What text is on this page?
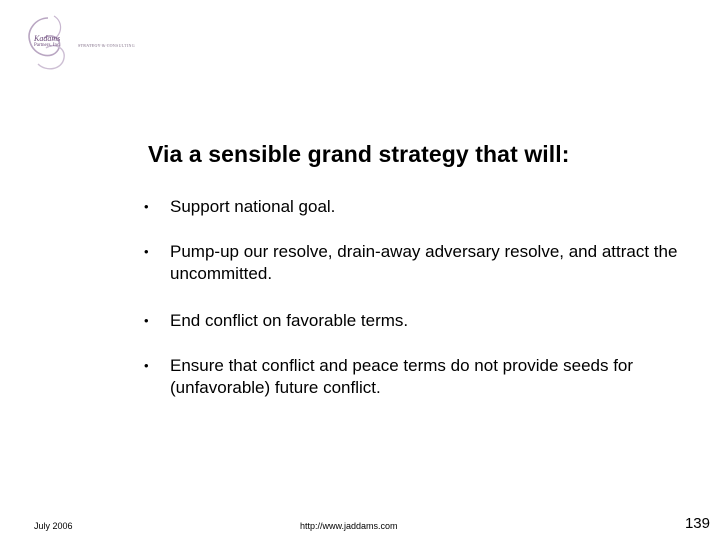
Kadams
Partners, Inc.	STRATEGY & CONSULTING
Via a sensible grand strategy that will:
•	Support national goal.
•	Pump-up our resolve, drain-away adversary resolve, and attract the uncommitted.
•	End conflict on favorable terms.
•	Ensure that conflict and peace terms do not provide seeds for (unfavorable) future conflict.
July 2006	http://www.jaddams.com	139
